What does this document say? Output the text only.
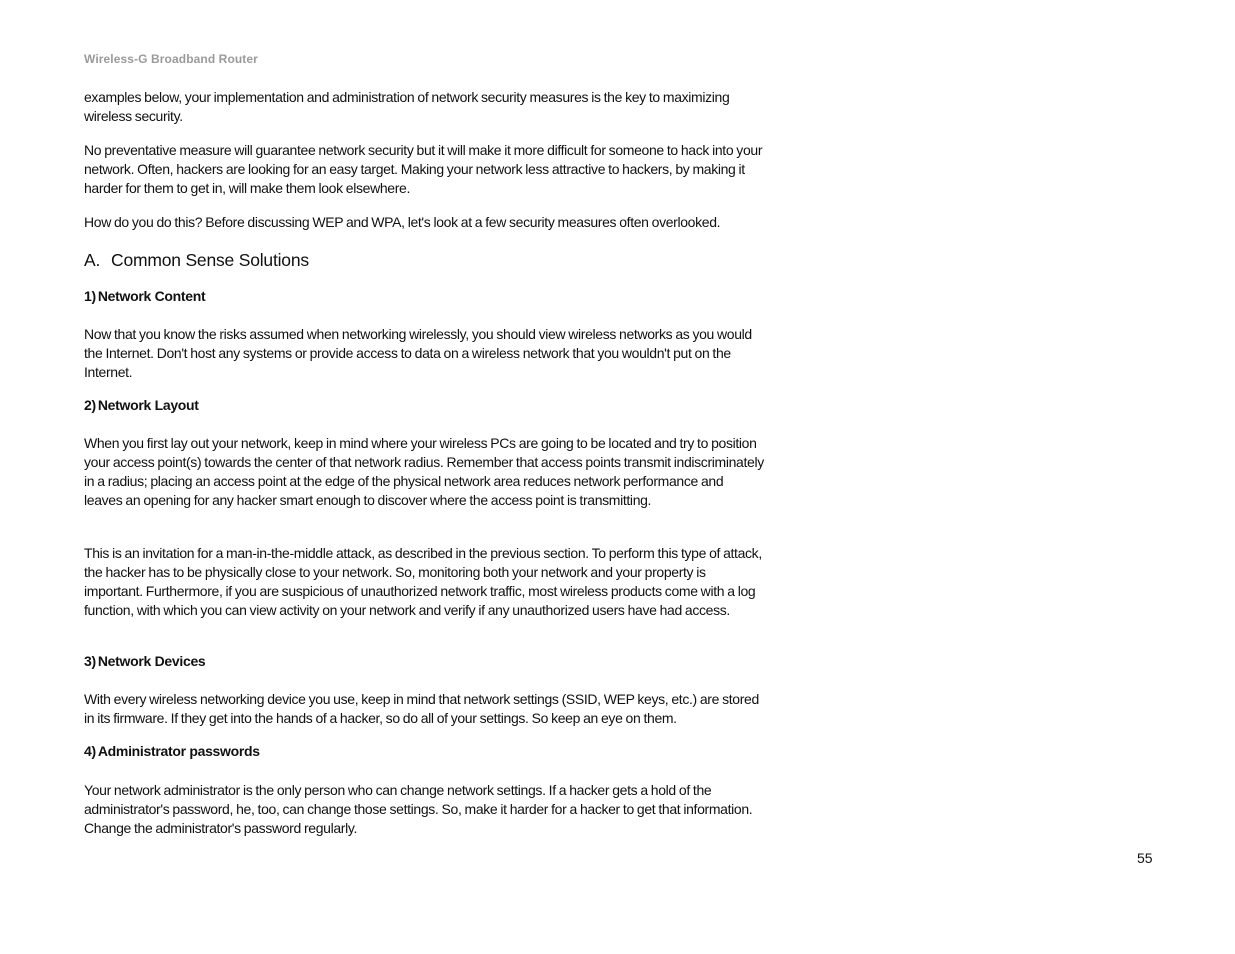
Wireless-G Broadband Router

examples below, your implementation and administration of network security measures is the key to maximizing wireless security.

No preventative measure will guarantee network security but it will make it more difficult for someone to hack into your network. Often, hackers are looking for an easy target. Making your network less attractive to hackers, by making it harder for them to get in, will make them look elsewhere.

How do you do this? Before discussing WEP and WPA, let's look at a few security measures often overlooked.

A. Common Sense Solutions
1) Network Content

Now that you know the risks assumed when networking wirelessly, you should view wireless networks as you would the Internet. Don't host any systems or provide access to data on a wireless network that you wouldn't put on the Internet.

2) Network Layout

When you first lay out your network, keep in mind where your wireless PCs are going to be located and try to position your access point(s) towards the center of that network radius. Remember that access points transmit indiscriminately in a radius; placing an access point at the edge of the physical network area reduces network performance and leaves an opening for any hacker smart enough to discover where the access point is transmitting.

This is an invitation for a man-in-the-middle attack, as described in the previous section. To perform this type of attack, the hacker has to be physically close to your network. So, monitoring both your network and your property is important. Furthermore, if you are suspicious of unauthorized network traffic, most wireless products come with a log function, with which you can view activity on your network and verify if any unauthorized users have had access.

3) Network Devices

With every wireless networking device you use, keep in mind that network settings (SSID, WEP keys, etc.) are stored in its firmware. If they get into the hands of a hacker, so do all of your settings. So keep an eye on them.

4) Administrator passwords

Your network administrator is the only person who can change network settings. If a hacker gets a hold of the administrator's password, he, too, can change those settings. So, make it harder for a hacker to get that information. Change the administrator's password regularly.

55
